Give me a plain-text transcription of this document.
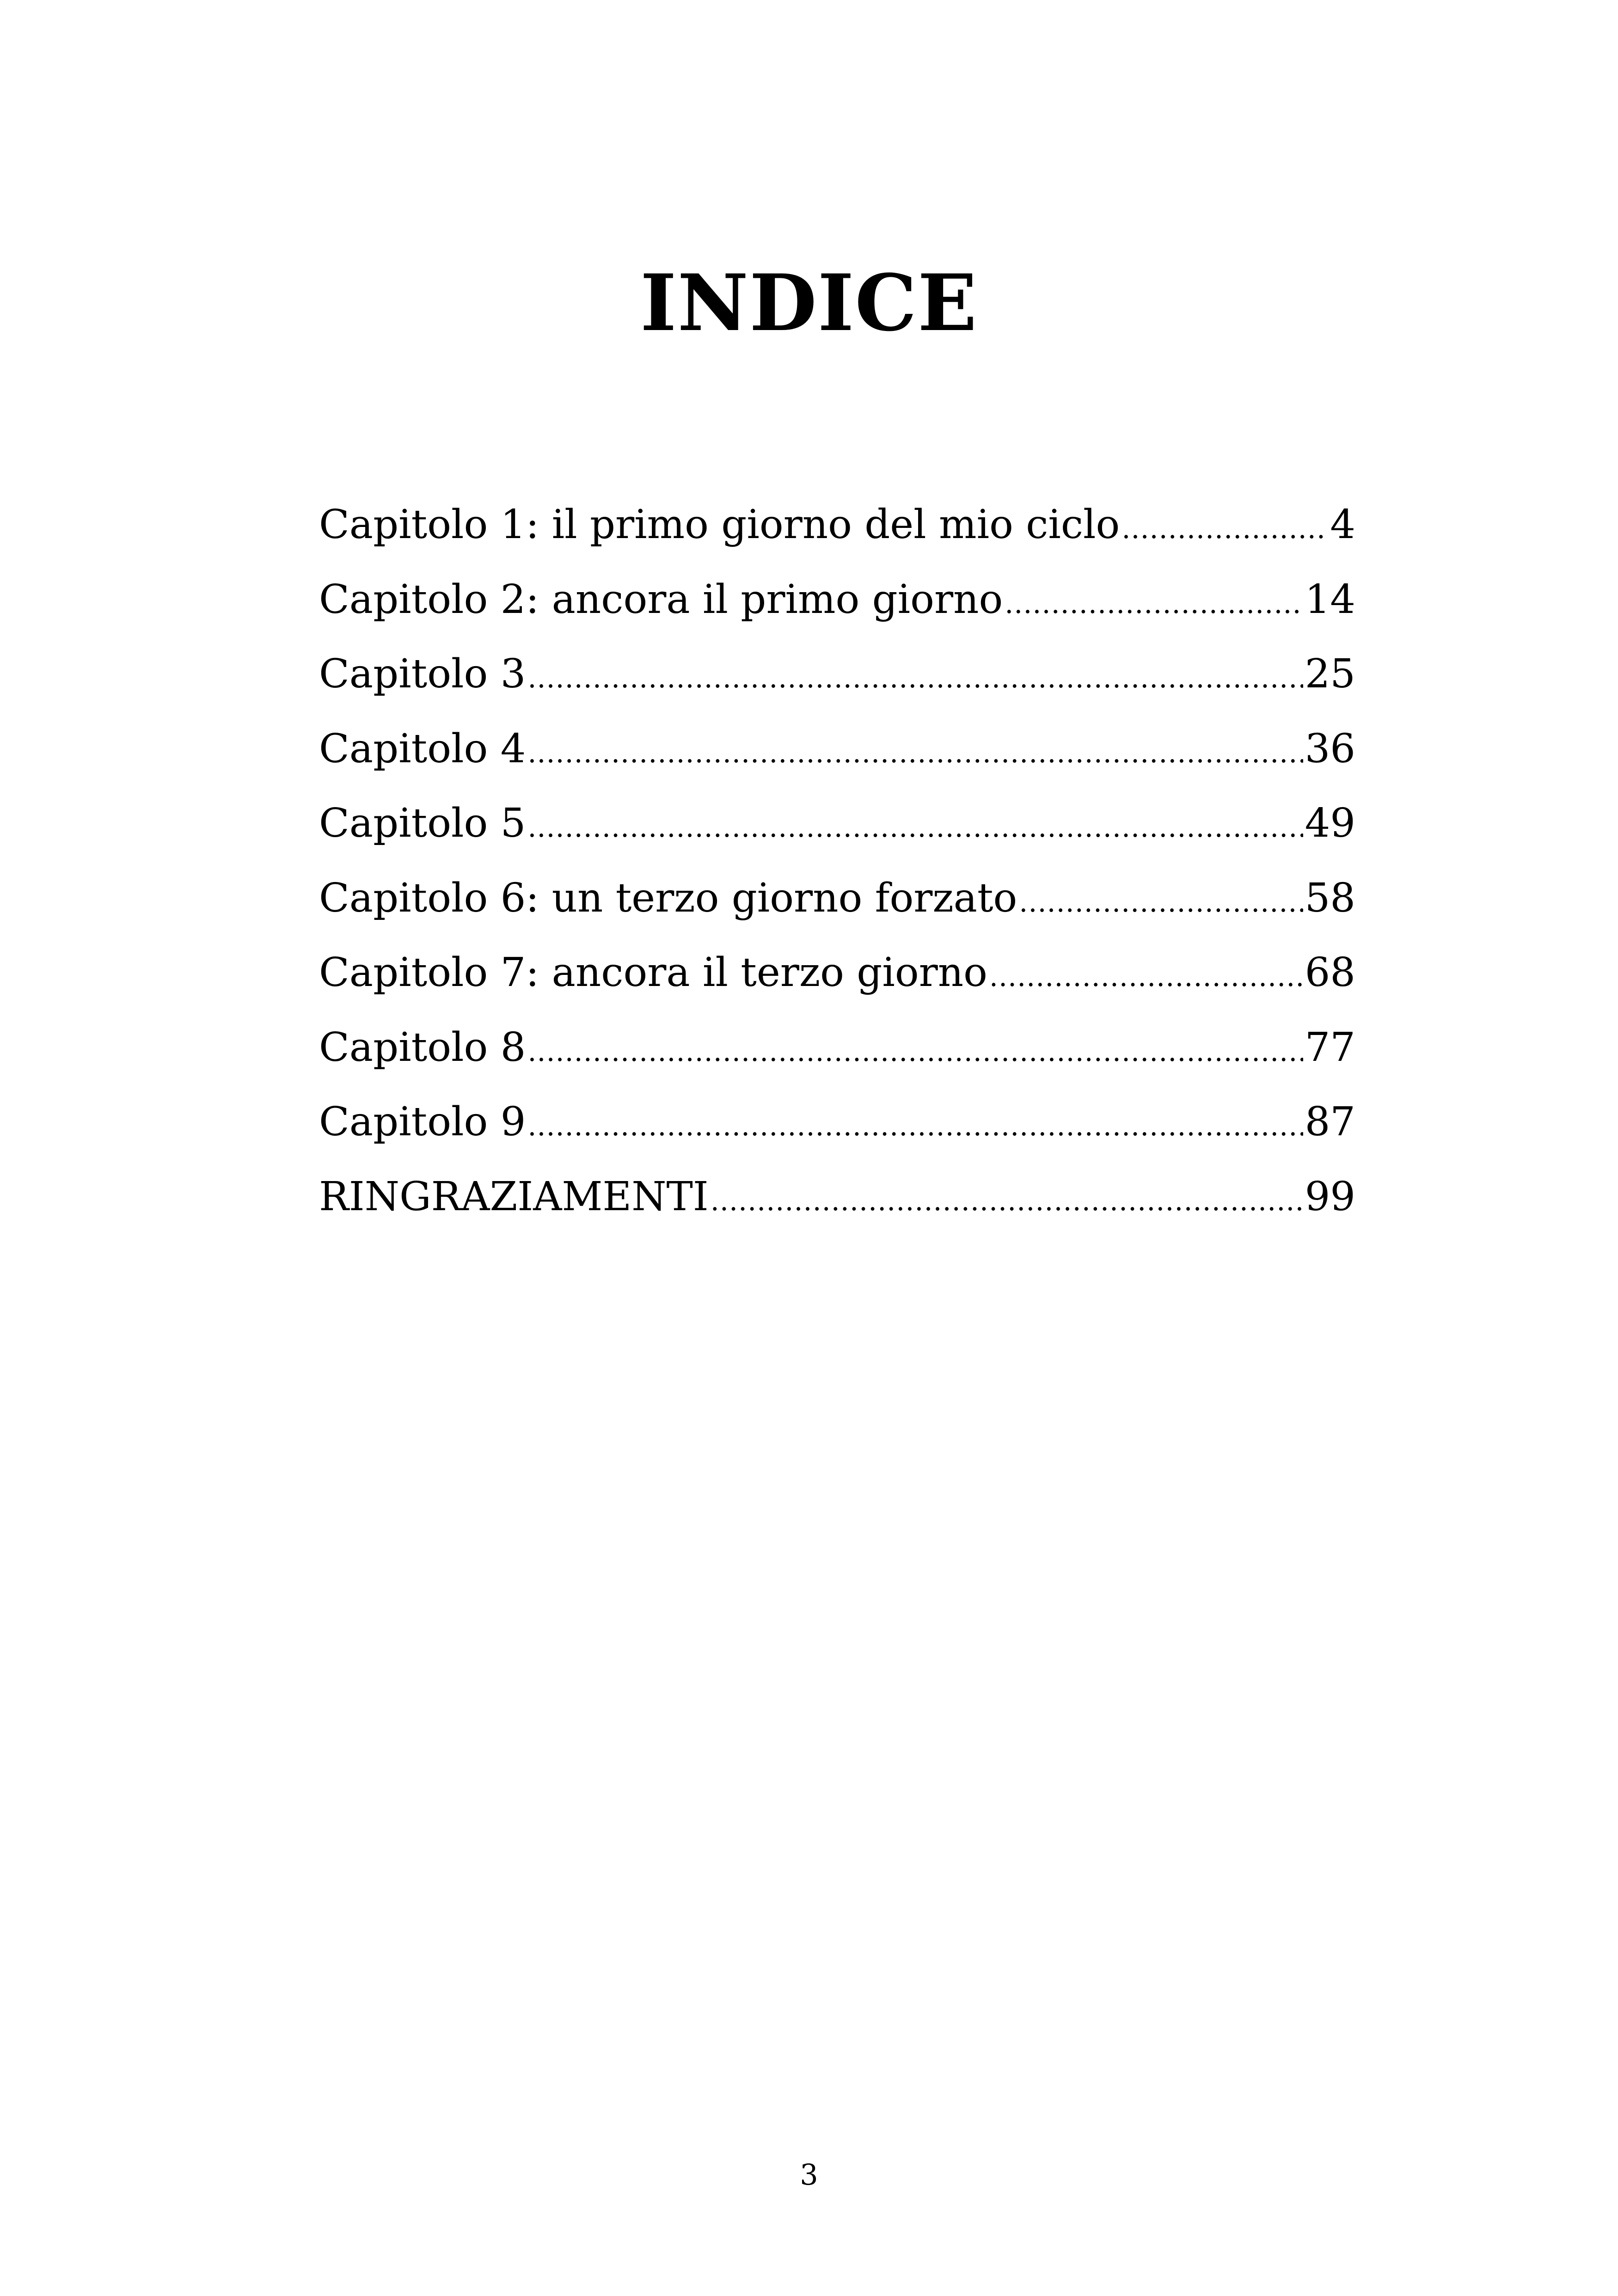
INDICE
Capitolo 1: il primo giorno del mio ciclo .....	4
Capitolo 2: ancora il primo giorno .....	14
Capitolo 3 .....	25
Capitolo 4 .....	36
Capitolo 5 .....	49
Capitolo 6: un terzo giorno forzato .....	58
Capitolo 7: ancora il terzo giorno .....	68
Capitolo 8 .....	77
Capitolo 9 .....	87
RINGRAZIAMENTI .....	99
3
